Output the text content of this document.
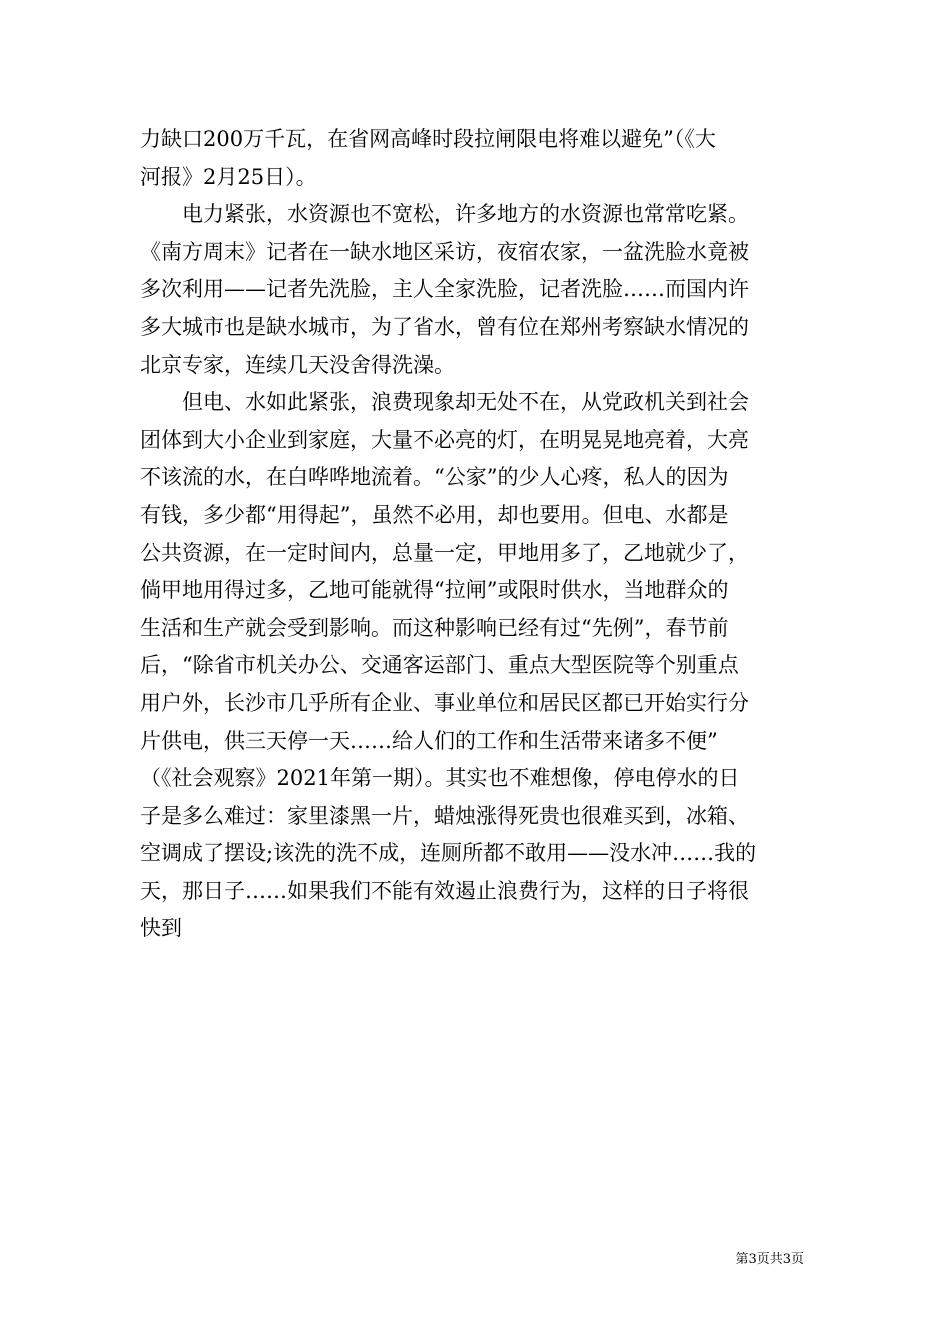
力缺口200万千瓦，在省网高峰时段拉闸限电将难以避免”（《大
河报》2月25日）。
电力紧张，水资源也不宽松，许多地方的水资源也常常吃紧。
《南方周末》记者在一缺水地区采访，夜宿农家，一盆洗脸水竟被
多次利用——记者先洗脸，主人全家洗脸，记者洗脸……而国内许
多大城市也是缺水城市，为了省水，曾有位在郑州考察缺水情况的
北京专家，连续几天没舍得洗澡。
但电、水如此紧张，浪费现象却无处不在，从党政机关到社会
团体到大小企业到家庭，大量不必亮的灯，在明晃晃地亮着，大亮
不该流的水，在白哗哗地流着。“公家”的少人心疼，私人的因为
有钱，多少都“用得起”，虽然不必用，却也要用。但电、水都是
公共资源，在一定时间内，总量一定，甲地用多了，乙地就少了，
倘甲地用得过多，乙地可能就得“拉闸”或限时供水，当地群众的
生活和生产就会受到影响。而这种影响已经有过“先例”，春节前
后，“除省市机关办公、交通客运部门、重点大型医院等个别重点
用户外，长沙市几乎所有企业、事业单位和居民区都已开始实行分
片供电，供三天停一天……给人们的工作和生活带来诸多不便”
（《社会观察》2021年第一期）。其实也不难想像，停电停水的日
子是多么难过：家里漆黑一片，蜡烛涨得死贵也很难买到，冰箱、
空调成了摆设;该洗的洗不成，连厕所都不敢用——没水冲……我的
天，那日子……如果我们不能有效遏止浪费行为，这样的日子将很
快到
第3页共3页
